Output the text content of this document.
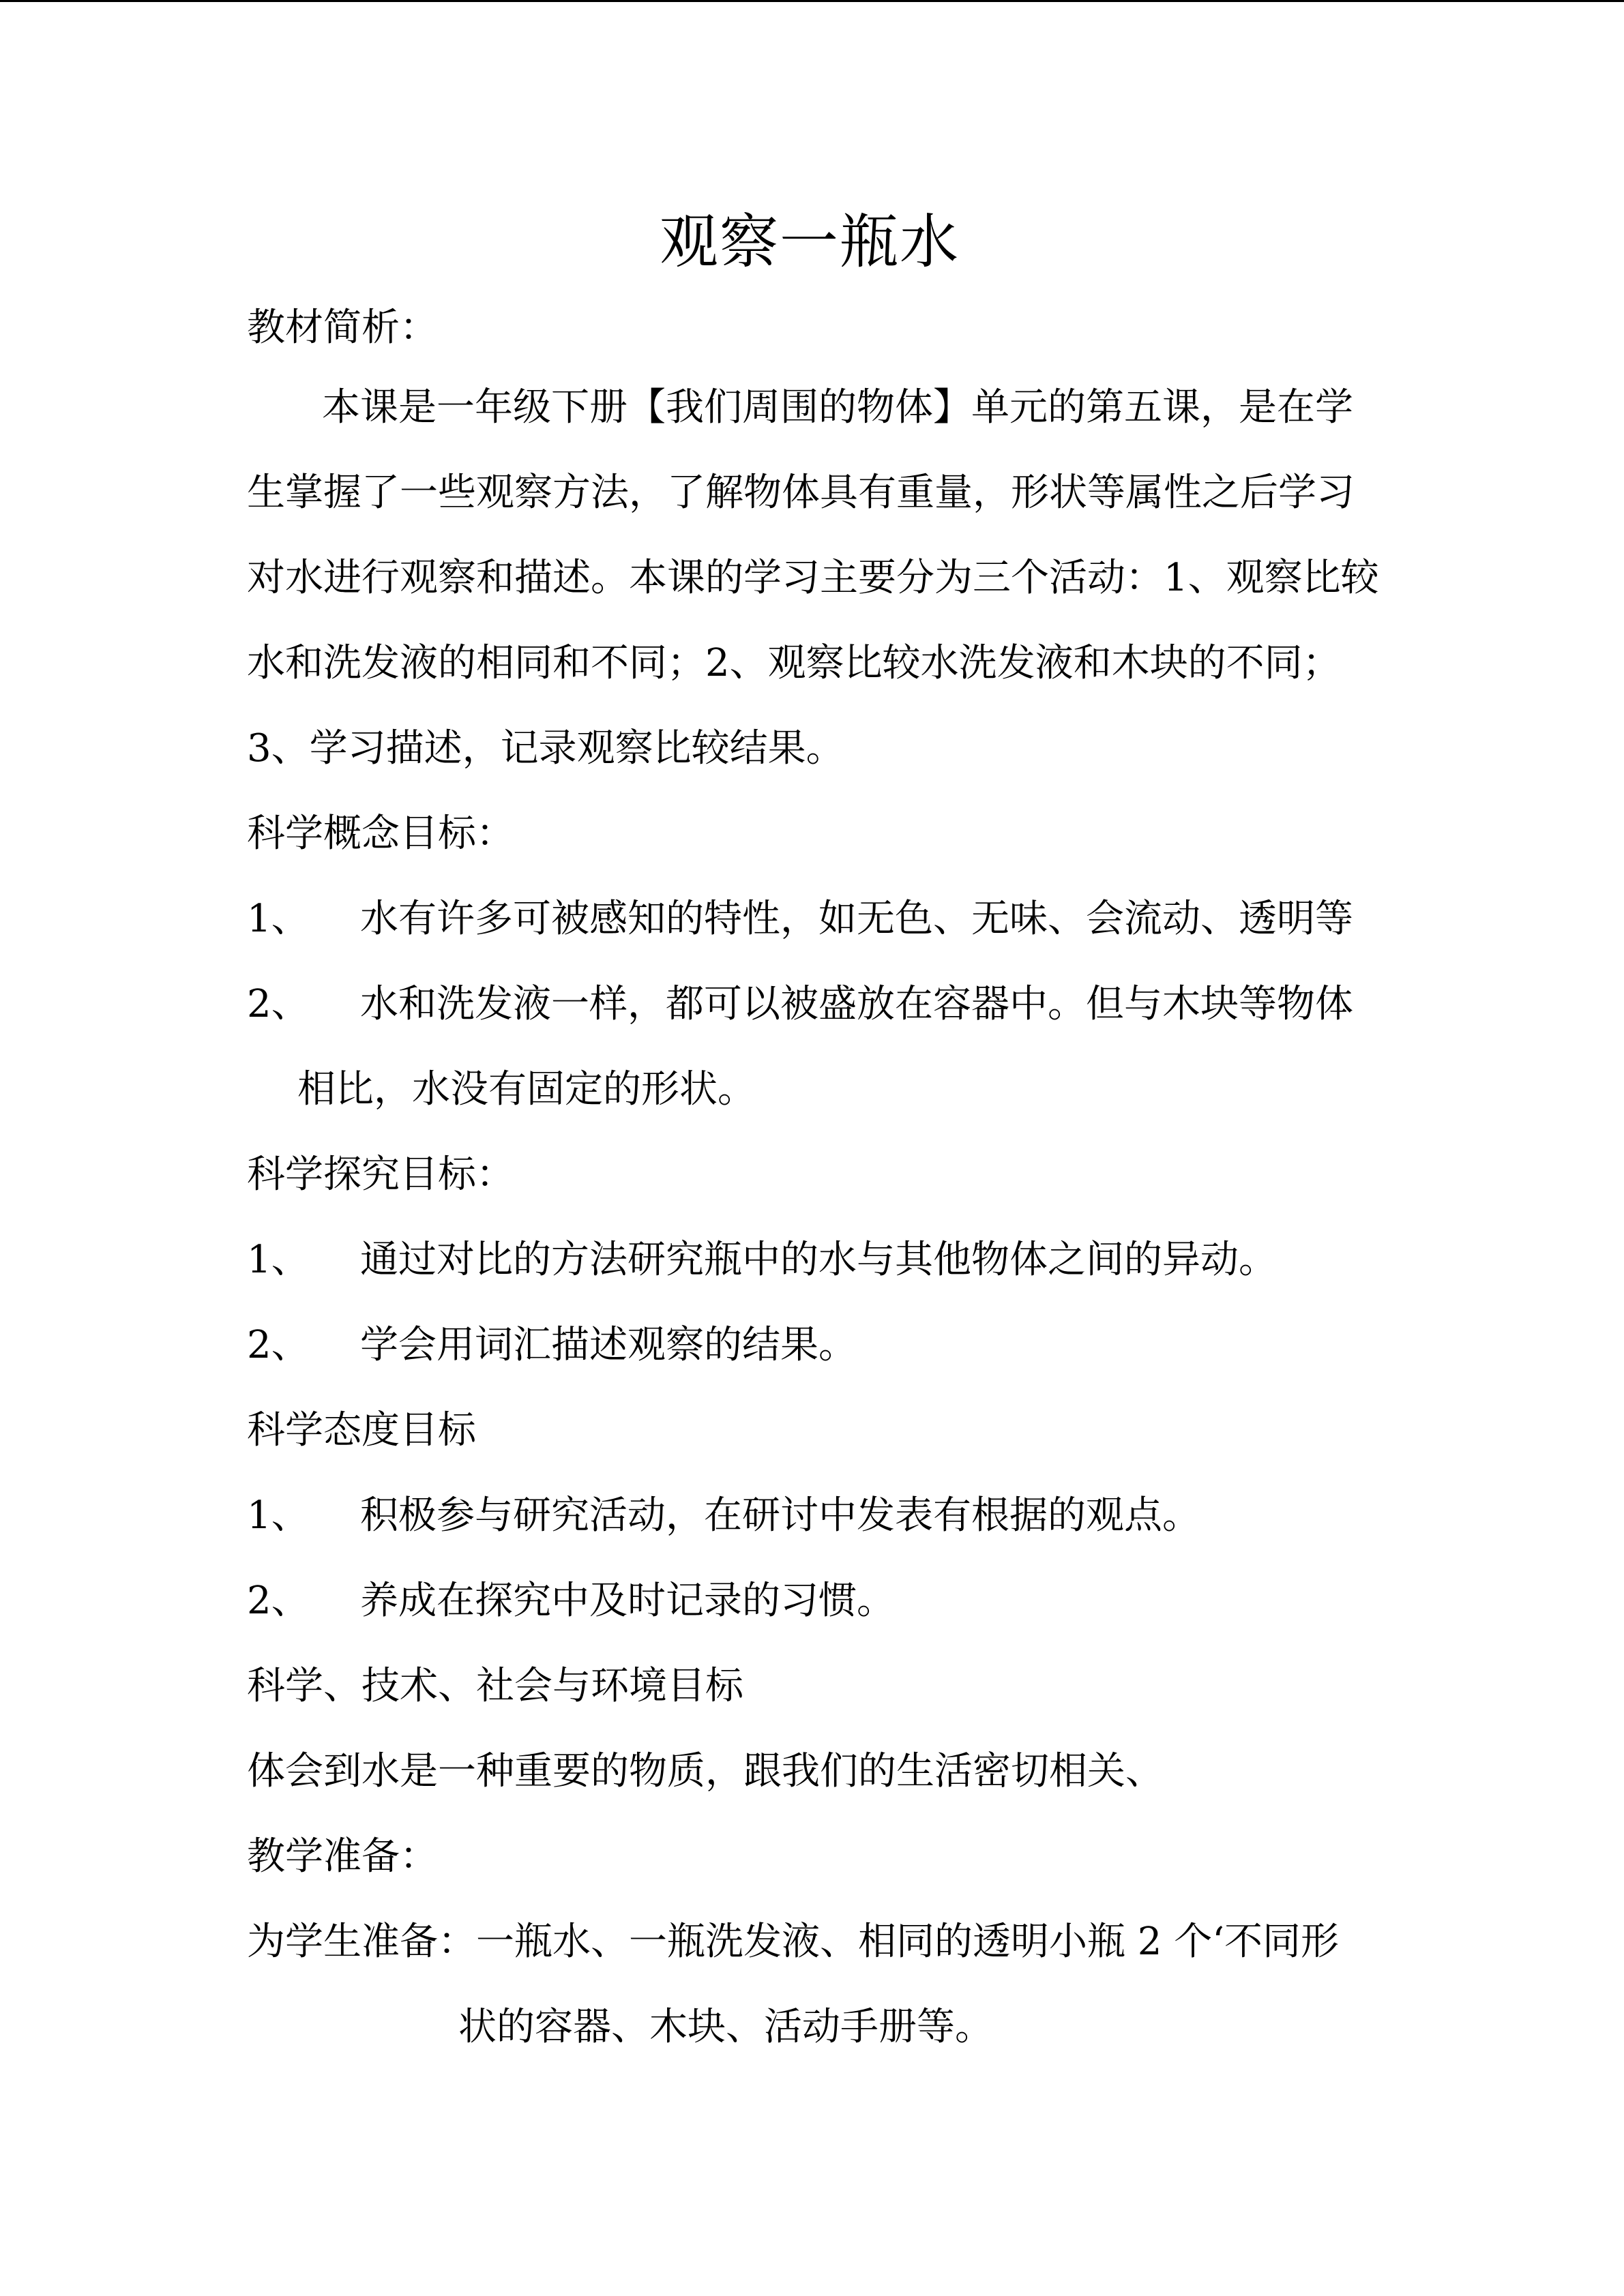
观察一瓶水
教材简析：
本课是一年级下册【我们周围的物体】单元的第五课，是在学
生掌握了一些观察方法，了解物体具有重量，形状等属性之后学习
对水进行观察和描述。本课的学习主要分为三个活动：1、观察比较
水和洗发液的相同和不同；2、观察比较水洗发液和木块的不同；
3、学习描述，记录观察比较结果。
科学概念目标：
1、 水有许多可被感知的特性，如无色、无味、会流动、透明等
2、 水和洗发液一样，都可以被盛放在容器中。但与木块等物体
相比，水没有固定的形状。
科学探究目标：
1、 通过对比的方法研究瓶中的水与其他物体之间的异动。
2、 学会用词汇描述观察的结果。
科学态度目标
1、 积极参与研究活动，在研讨中发表有根据的观点。
2、 养成在探究中及时记录的习惯。
科学、技术、社会与环境目标
体会到水是一种重要的物质，跟我们的生活密切相关、
教学准备：
为学生准备：一瓶水、一瓶洗发液、相同的透明小瓶 2 个‘不同形
状的容器、木块、活动手册等。
